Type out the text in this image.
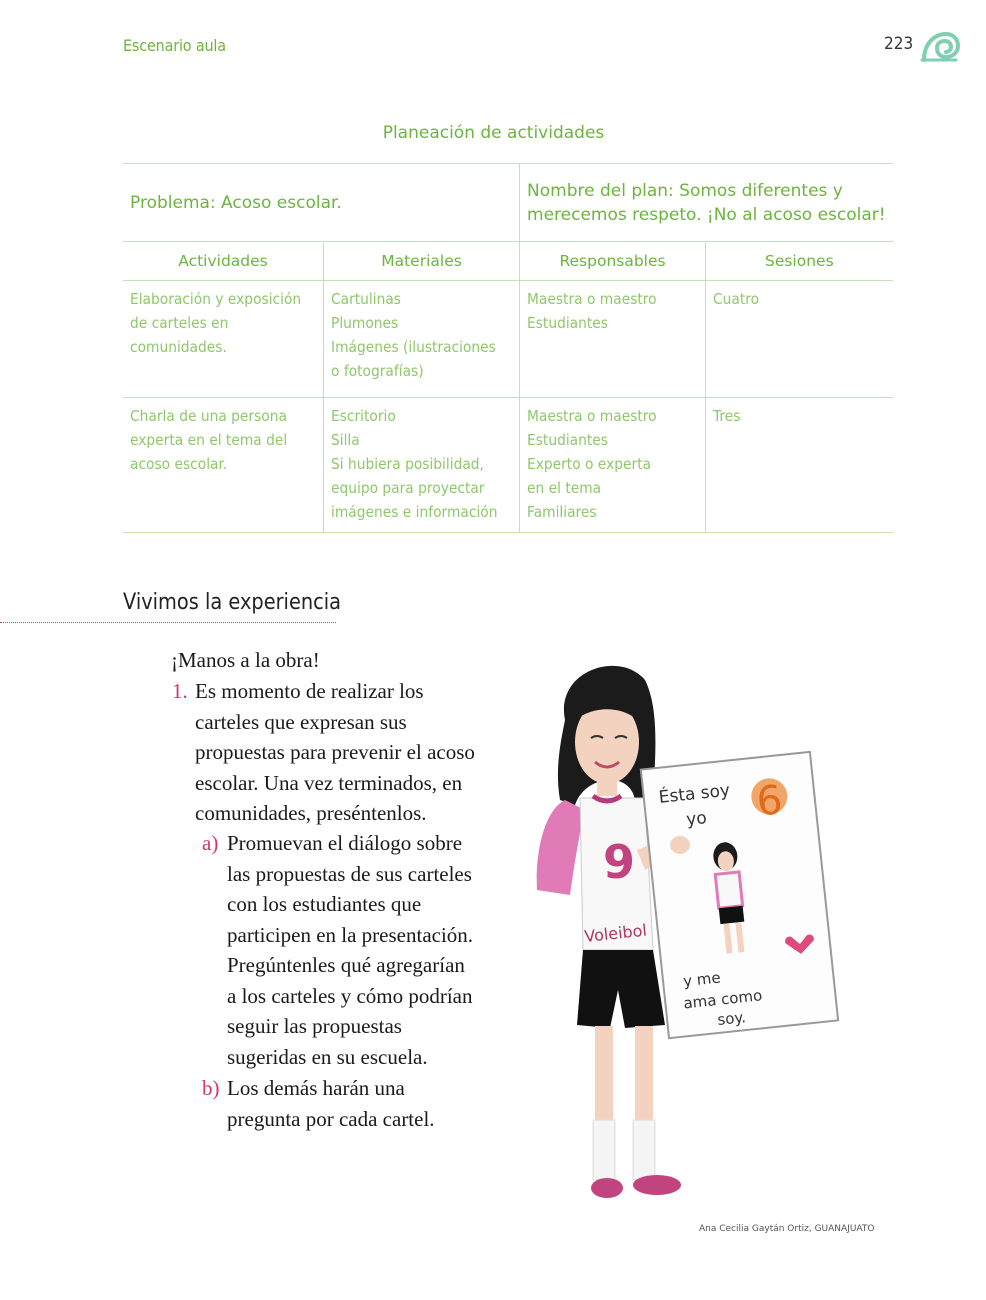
Escenario aula	223
Planeación de actividades
Problema: Acoso escolar.		Nombre del plan: Somos diferentes y
merecemos respeto. ¡No al acoso escolar!	

Actividades	Materiales	Responsables	Sesiones

Elaboración y exposición
de carteles en
comunidades.	Cartulinas
Plumones
Imágenes (ilustraciones
o fotografías)	Maestra o maestro
Estudiantes	Cuatro

Charla de una persona
experta en el tema del
acoso escolar.	Escritorio
Silla
Si hubiera posibilidad,
equipo para proyectar
imágenes e información	Maestra o maestro
Estudiantes
Experto o experta
en el tema
Familiares	Tres
Vivimos la experiencia
¡Manos a la obra!
1. Es momento de realizar los
carteles que expresan sus
propuestas para prevenir el acoso
escolar. Una vez terminados, en
comunidades, preséntenlos.
a) Promuevan el diálogo sobre
las propuestas de sus carteles
con los estudiantes que
participen en la presentación.
Pregúntenles qué agregarían
a los carteles y cómo podrían
seguir las propuestas
sugeridas en su escuela.
b) Los demás harán una
pregunta por cada cartel.
9
Voleibol
Ésta soy
yo 6
y me
ama como
soy.
Ana Cecilia Gaytán Ortiz, GUANAJUATO
